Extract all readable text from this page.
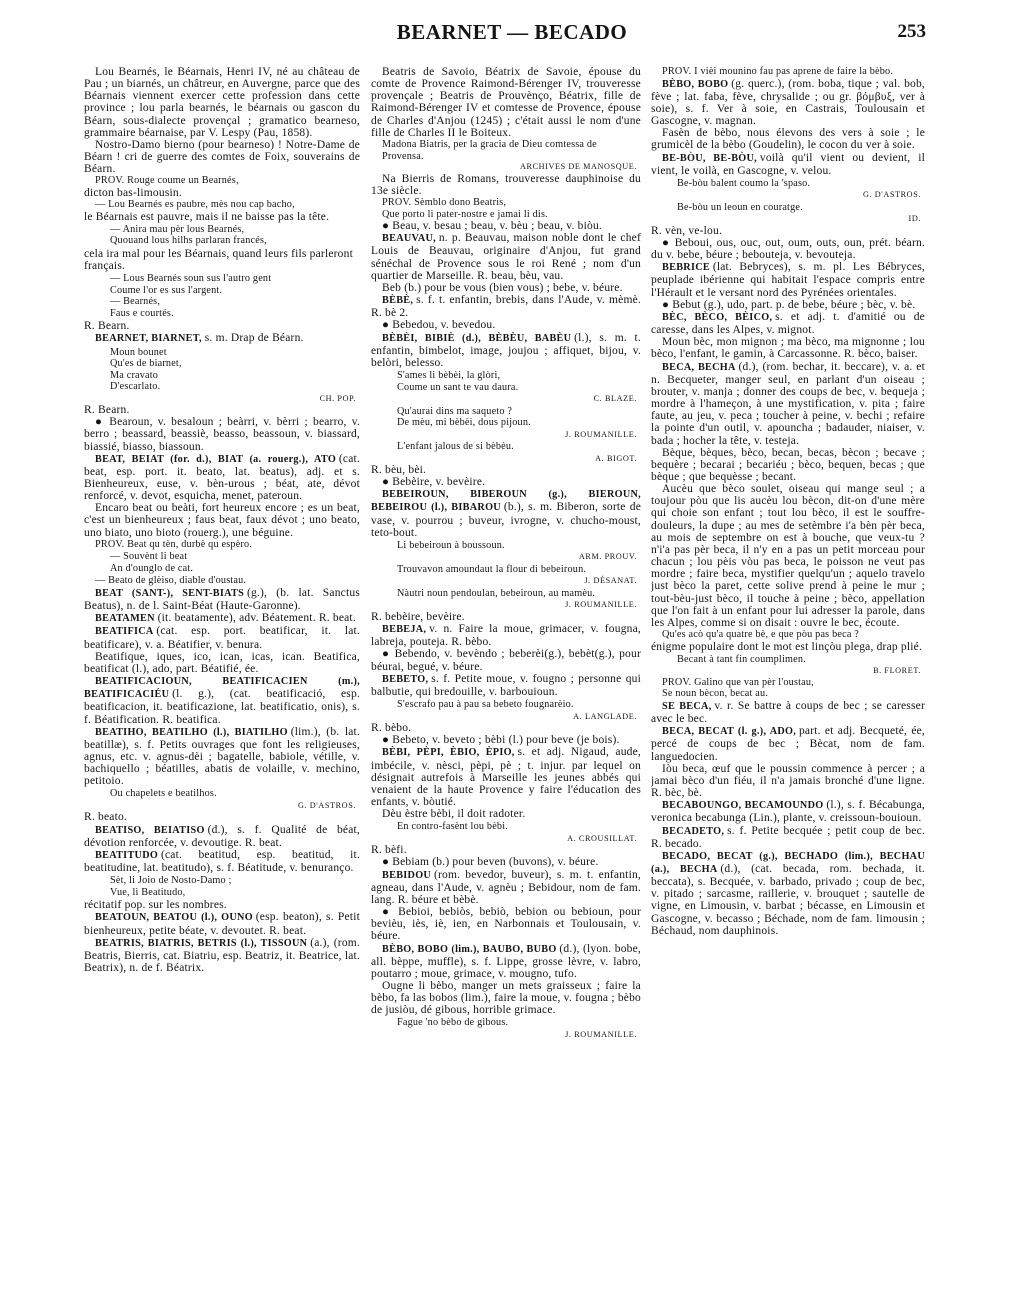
BEARNET — BECADO	253
Lou Bearnés, le Béarnais, Henri IV, né au château de Pau ; un biarnés, un châtreur, en Auvergne, parce que des Béarnais viennent exercer cette profession dans cette province ; lou parla bearnés, le béarnais ou gascon du Béarn, sous-dialecte provençal ; gramatico bearneso, grammaire béarnaise, par V. Lespy (Pau, 1858).
Nostro-Damo bierno (pour bearneso) ! Notre-Dame de Béarn ! cri de guerre des comtes de Foix, souverains de Béarn.
PROV. Rouge coume un Bearnés,
dicton bas-limousin.
— Lou Bearnés es paubre, mès nou cap bacho,
le Béarnais est pauvre, mais il ne baisse pas la tête.
— Anira mau pèr lous Bearnés,
Quouand lous hilhs parlaran francés,
cela ira mal pour les Béarnais, quand leurs fils parleront français.
— Lous Bearnés soun sus l'autro gent
Coume l'or es sus l'argent.
— Bearnés,
Faus e courtés.
R. Bearn.
BEARNET, BIARNET, s. m. Drap de Béarn.
Moun bounet
Qu'es de biarnet,
Ma cravato
D'escarlato.
CH. POP.
R. Bearn.
● Bearoun, v. besaloun ; beàrri, v. bèrri ; bearro, v. berro ; beassard, beassiè, beasso, beassoun, v. biassard, biassié, biasso, biassoun.
BEAT, BEIAT (for. d.), BIAT (a. rouerg.), ATO (cat. beat, esp. port. it. beato, lat. beatus), adj. et s. Bienheureux, euse, v. bèn-urous ; béat, ate, dévot renforcé, v. devot, esquicha, menet, pateroun.
Encaro beat ou beàti, fort heureux encore ; es un beat, c'est un bienheureux ; faus beat, faux dévot ; uno beato, uno biato, uno bioto (rouerg.), une béguine.
PROV. Beat qu tèn, durbè qu espèro.
— Souvènt li beat
An d'ounglo de cat.
— Beato de glèiso, diable d'oustau.
BEAT (SANT-), SENT-BIATS (g.), (b. lat. Sanctus Beatus), n. de l. Saint-Béat (Haute-Garonne).
BEATAMEN (it. beatamente), adv. Béatement. R. beat.
BEATIFICA (cat. esp. port. beatificar, it. lat. beatificare), v. a. Béatifier, v. benura.
Beatifique, iques, ico, ican, icas, ican. Beatifica, beatificat (l.), ado, part. Béatifié, ée.
BEATIFICACIOUN, BEATIFICACIEN (m.), BEATIFICACIÉU (l. g.), (cat. beatificació, esp. beatificacion, it. beatificazione, lat. beatificatio, onis), s. f. Béatification. R. beatifica.
BEATIHO, BEATILHO (l.), BIATILHO (lim.), (b. lat. beatillæ), s. f. Petits ouvrages que font les religieuses, agnus, etc. v. agnus-dèi ; bagatelle, babiole, vétille, v. bachiquello ; béatilles, abatis de volaille, v. mechino, petitoio.
Ou chapelets e beatilhos.
G. D'ASTROS.
R. beato.
BEATISO, BEIATISO (d.), s. f. Qualité de béat, dévotion renforcée, v. devoutige. R. beat.
BEATITUDO (cat. beatitud, esp. beatitud, it. beatitudine, lat. beatitudo), s. f. Béatitude, v. benuranço.
Sèt, li Joio de Nosto-Damo ;
Vue, li Beatitudo,
récitatif pop. sur les nombres.
BEATOUN, BEATOU (l.), OUNO (esp. beaton), s. Petit bienheureux, petite béate, v. devoutet. R. beat.
BEATRIS, BIATRIS, BETRIS (l.), TISSOUN (a.), (rom. Beatris, Bierris, cat. Biatriu, esp. Beatriz, it. Beatrice, lat. Beatrix), n. de f. Béatrix.
Beatris de Savoio, Béatrix de Savoie, épouse du comte de Provence Raimond-Bérenger IV, trouveresse provençale ; Beatris de Prouvènço, Béatrix, fille de Raimond-Bérenger IV et comtesse de Provence, épouse de Charles d'Anjou (1245) ; c'était aussi le nom d'une fille de Charles II le Boiteux.
Madona Biatris, per la gracia de Dieu comtessa de Provensa.
ARCHIVES DE MANOSQUE.
Na Bierris de Romans, trouveresse dauphinoise du 13e siècle.
PROV. Sèmblo dono Beatris,
Que porto li pater-nostre e jamai li dis.
● Beau, v. besau ; beau, v. bèu ; beau, v. biòu.
BEAUVAU, n. p. Beauvau, maison noble dont le chef Louis de Beauvau, originaire d'Anjou, fut grand sénéchal de Provence sous le roi René ; nom d'un quartier de Marseille. R. beau, bèu, vau.
Beb (b.) pour be vous (bien vous) ; bebe, v. béure.
BÈBÈ, s. f. t. enfantin, brebis, dans l'Aude, v. mèmè. R. bè 2.
● Bebedou, v. bevedou.
BÈBÈI, BIBIÈ (d.), BÈBÈU, BABÈU (l.), s. m. t. enfantin, bimbelot, image, joujou ; affiquet, bijou, v. belòri, belesso.
S'ames li bèbèi, la glòri,
Coume un sant te vau daura.
C. BLAZE.
Qu'aurai dins ma saqueto ?
De mèu, mi bèbèi, dous pijoun.
J. ROUMANILLE.
L'enfant jalous de si bèbèu.
A. BIGOT.
R. bèu, bèi.
● Bebèire, v. bevèire.
BEBEIROUN, BIBEROUN (g.), BIEROUN, BEBEIROU (l.), BIBAROU (b.), s. m. Biberon, sorte de vase, v. pourrou ; buveur, ivrogne, v. chucho-moust, teto-bout.
Li bebeiroun à boussoun.
ARM. PROUV.
Trouvavon amoundaut la flour di bebeiroun.
J. DÉSANAT.
Nàutri noun pendoulan, bebeiroun, au mamèu.
J. ROUMANILLE.
R. bebèire, bevèire.
BEBEJA, v. n. Faire la moue, grimacer, v. fougna, labreja, pouteja. R. bèbo.
● Bebendo, v. bevèndo ; beberèi(g.), bebèt(g.), pour béurai, begué, v. béure.
BEBETO, s. f. Petite moue, v. fougno ; personne qui balbutie, qui bredouille, v. barbouioun.
S'escrafo pau à pau sa bebeto fougnarèio.
A. LANGLADE.
R. bèbo.
● Bebeto, v. beveto ; bèbi (l.) pour beve (je bois).
BÈBI, PÈPI, ÈBIO, ÈPIO, s. et adj. Nigaud, aude, imbécile, v. nèsci, pèpi, pè ; t. injur. par lequel on désignait autrefois à Marseille les jeunes abbés qui venaient de la haute Provence y faire l'éducation des enfants, v. bòutié.
Dèu èstre bèbi, il doit radoter.
En contro-fasènt lou bèbi.
A. CROUSILLAT.
R. bèfi.
● Bebiam (b.) pour beven (buvons), v. béure.
BEBIDOU (rom. bevedor, buveur), s. m. t. enfantin, agneau, dans l'Aude, v. agnèu ; Bebidour, nom de fam. lang. R. béure et bèbè.
● Bebioi, bebiòs, bebiò, bebion ou bebioun, pour bevièu, iès, iè, ien, en Narbonnais et Toulousain, v. béure.
BÈBO, BOBO (lim.), BAUBO, BUBO (d.), (lyon. bobe, all. bèppe, muffle), s. f. Lippe, grosse lèvre, v. labro, poutarro ; moue, grimace, v. mougno, tufo.
Ougne li bèbo, manger un mets graisseux ; faire la bèbo, fa las bobos (lim.), faire la moue, v. fougna ; bèbo de jusiòu, dé gibous, horrible grimace.
Fague 'no bèbo de gibous.
J. ROUMANILLE.
PROV. I vièi mounino fau pas aprene de faire la bèbo.
BÈBO, BOBO (g. querc.), (rom. boba, tique ; val. bob, fève ; lat. faba, fève, chrysalide ; ou gr. βόμβυξ, ver à soie), s. f. Ver à soie, en Castrais, Toulousain et Gascogne, v. magnan.
Fasèn de bèbo, nous élevons des vers à soie ; le grumicèl de la bèbo (Goudelin), le cocon du ver à soie.
BE-BÒU, BE-BÒU, voilà qu'il vient ou devient, il vient, le voilà, en Gascogne, v. velou.
Be-bòu balent coumo la 'spaso.
G. D'ASTROS.
Be-bòu un leoun en couratge.
ID.
R. vèn, ve-lou.
● Beboui, ous, ouc, out, oum, outs, oun, prét. béarn. du v. bebe, béure ; bebouteja, v. bevouteja.
BEBRICE (lat. Bebryces), s. m. pl. Les Bébryces, peuplade ibérienne qui habitait l'espace compris entre l'Hérault et le versant nord des Pyrénées orientales.
● Bebut (g.), udo, part. p. de bebe, béure ; bèc, v. bè.
BÈC, BÈCO, BÈICO, s. et adj. t. d'amitié ou de caresse, dans les Alpes, v. mignot.
Moun bèc, mon mignon ; ma bèco, ma mignonne ; lou bèco, l'enfant, le gamin, à Carcassonne. R. bèco, baiser.
BECA, BECHA (d.), (rom. bechar, it. beccare), v. a. et n. Becqueter, manger seul, en parlant d'un oiseau ; brouter, v. manja ; donner des coups de bec, v. bequeja ; mordre à l'hameçon, à une mystification, v. pita ; faire faute, au jeu, v. peca ; toucher à peine, v. bechi ; refaire la pointe d'un outil, v. apouncha ; badauder, niaiser, v. bada ; hocher la tête, v. testeja.
Bèque, bèques, bèco, becan, becas, bècon ; becave ; bequère ; becarai ; becariéu ; bèco, bequen, becas ; que bèque ; que bequèsse ; becant.
Aucèu que bèco soulet, oiseau qui mange seul ; a toujour pòu que lis aucèu lou bècon, dit-on d'une mère qui choie son enfant ; tout lou bèco, il est le souffre-douleurs, la dupe ; au mes de setèmbre i'a bèn pèr beca, au mois de septembre on est à bouche, que veux-tu ? n'i'a pas pèr beca, il n'y en a pas un petit morceau pour chacun ; lou pèis vòu pas beca, le poisson ne veut pas mordre ; faire beca, mystifier quelqu'un ; aquelo travelo just bèco la paret, cette solive prend à peine le mur ; tout-bèu-just bèco, il touche à peine ; bèco, appellation que l'on fait à un enfant pour lui adresser la parole, dans les Alpes, comme si on disait : ouvre le bec, écoute.
Qu'es acò qu'a quatre bè, e que pòu pas beca ?
énigme populaire dont le mot est linçòu plega, drap plié.
Becant à tant fin coumplimen.
B. FLORET.
PROV. Galino que van pèr l'oustau,
Se noun bècon, becat au.
SE BECA, v. r. Se battre à coups de bec ; se caresser avec le bec.
BECA, BECAT (l. g.), ADO, part. et adj. Becqueté, ée, percé de coups de bec ; Bècat, nom de fam. languedocien.
Iòu beca, œuf que le poussin commence à percer ; a jamai bèco d'un fiéu, il n'a jamais bronché d'une ligne. R. bèc, bè.
BECABOUNGO, BECAMOUNDO (l.), s. f. Bécabunga, veronica becabunga (Lin.), plante, v. creissoun-bouioun.
BECADETO, s. f. Petite becquée ; petit coup de bec. R. becado.
BECADO, BECAT (g.), BECHADO (lim.), BECHAU (a.), BECHA (d.), (cat. becada, rom. bechada, it. beccata), s. Becquée, v. barbado, privado ; coup de bec, v. pitado ; sarcasme, raillerie, v. brouquet ; sautelle de vigne, en Limousin, v. barbat ; bécasse, en Limousin et Gascogne, v. becasso ; Béchade, nom de fam. limousin ; Béchaud, nom dauphinois.
